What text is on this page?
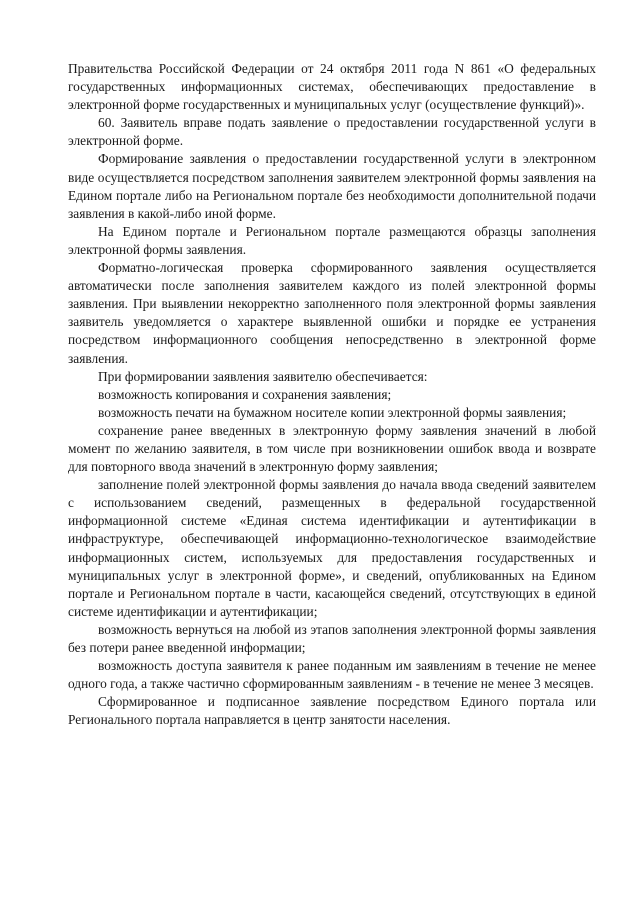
Правительства Российской Федерации от 24 октября 2011 года N 861 «О федеральных государственных информационных системах, обеспечивающих предоставление в электронной форме государственных и муниципальных услуг (осуществление функций)».

60. Заявитель вправе подать заявление о предоставлении государственной услуги в электронной форме.

Формирование заявления о предоставлении государственной услуги в электронном виде осуществляется посредством заполнения заявителем электронной формы заявления на Едином портале либо на Региональном портале без необходимости дополнительной подачи заявления в какой-либо иной форме.

На Едином портале и Региональном портале размещаются образцы заполнения электронной формы заявления.

Форматно-логическая проверка сформированного заявления осуществляется автоматически после заполнения заявителем каждого из полей электронной формы заявления. При выявлении некорректно заполненного поля электронной формы заявления заявитель уведомляется о характере выявленной ошибки и порядке ее устранения посредством информационного сообщения непосредственно в электронной форме заявления.

При формировании заявления заявителю обеспечивается:

возможность копирования и сохранения заявления;

возможность печати на бумажном носителе копии электронной формы заявления;

сохранение ранее введенных в электронную форму заявления значений в любой момент по желанию заявителя, в том числе при возникновении ошибок ввода и возврате для повторного ввода значений в электронную форму заявления;

заполнение полей электронной формы заявления до начала ввода сведений заявителем с использованием сведений, размещенных в федеральной государственной информационной системе «Единая система идентификации и аутентификации в инфраструктуре, обеспечивающей информационно-технологическое взаимодействие информационных систем, используемых для предоставления государственных и муниципальных услуг в электронной форме», и сведений, опубликованных на Едином портале и Региональном портале в части, касающейся сведений, отсутствующих в единой системе идентификации и аутентификации;

возможность вернуться на любой из этапов заполнения электронной формы заявления без потери ранее введенной информации;

возможность доступа заявителя к ранее поданным им заявлениям в течение не менее одного года, а также частично сформированным заявлениям - в течение не менее 3 месяцев.

Сформированное и подписанное заявление посредством Единого портала или Регионального портала направляется в центр занятости населения.
